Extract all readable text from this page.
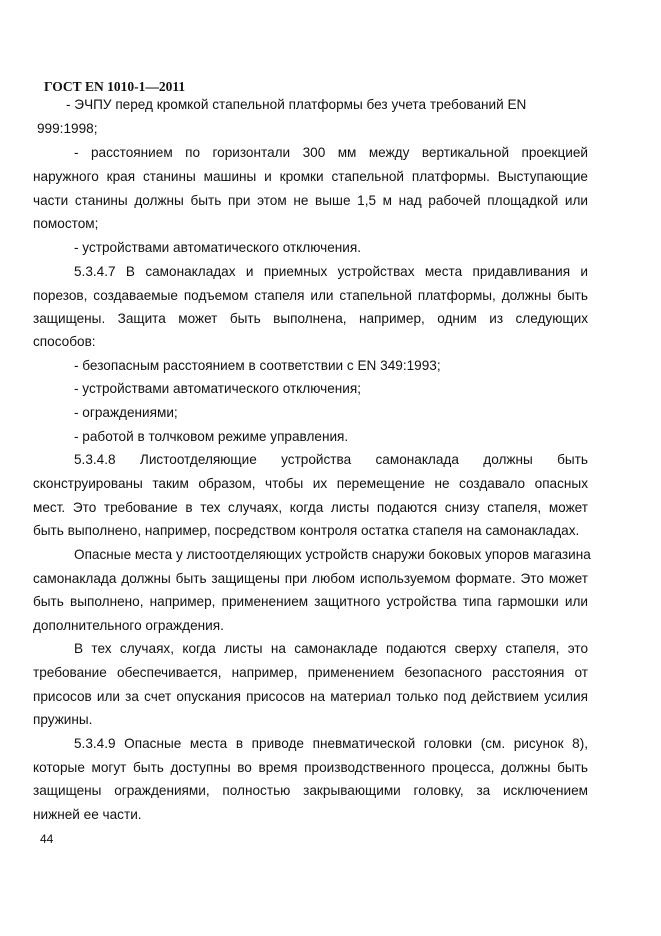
ГОСТ EN 1010-1—2011
- ЭЧПУ перед кромкой стапельной платформы без учета требований EN
999:1998;
- расстоянием по горизонтали 300 мм между вертикальной проекцией
наружного края станины машины и кромки стапельной платформы. Выступающие
части станины должны быть при этом не выше 1,5 м над рабочей площадкой или
помостом;
- устройствами автоматического отключения.
5.3.4.7 В самонакладах и приемных устройствах места придавливания и
порезов, создаваемые подъемом стапеля или стапельной платформы, должны быть
защищены. Защита может быть выполнена, например, одним из следующих
способов:
- безопасным расстоянием в соответствии с EN 349:1993;
- устройствами автоматического отключения;
- ограждениями;
- работой в толчковом режиме управления.
5.3.4.8 Листоотделяющие устройства самонаклада должны быть
сконструированы таким образом, чтобы их перемещение не создавало опасных
мест. Это требование в тех случаях, когда листы подаются снизу стапеля, может
быть выполнено, например, посредством контроля остатка стапеля на самонакладах.
Опасные места у листоотделяющих устройств снаружи боковых упоров магазина
самонаклада должны быть защищены при любом используемом формате. Это может
быть выполнено, например, применением защитного устройства типа гармошки или
дополнительного ограждения.
В тех случаях, когда листы на самонакладе подаются сверху стапеля, это
требование обеспечивается, например, применением безопасного расстояния от
присосов или за счет опускания присосов на материал только под действием усилия
пружины.
5.3.4.9 Опасные места в приводе пневматической головки (см. рисунок 8),
которые могут быть доступны во время производственного процесса, должны быть
защищены ограждениями, полностью закрывающими головку, за исключением
нижней ее части.
44
